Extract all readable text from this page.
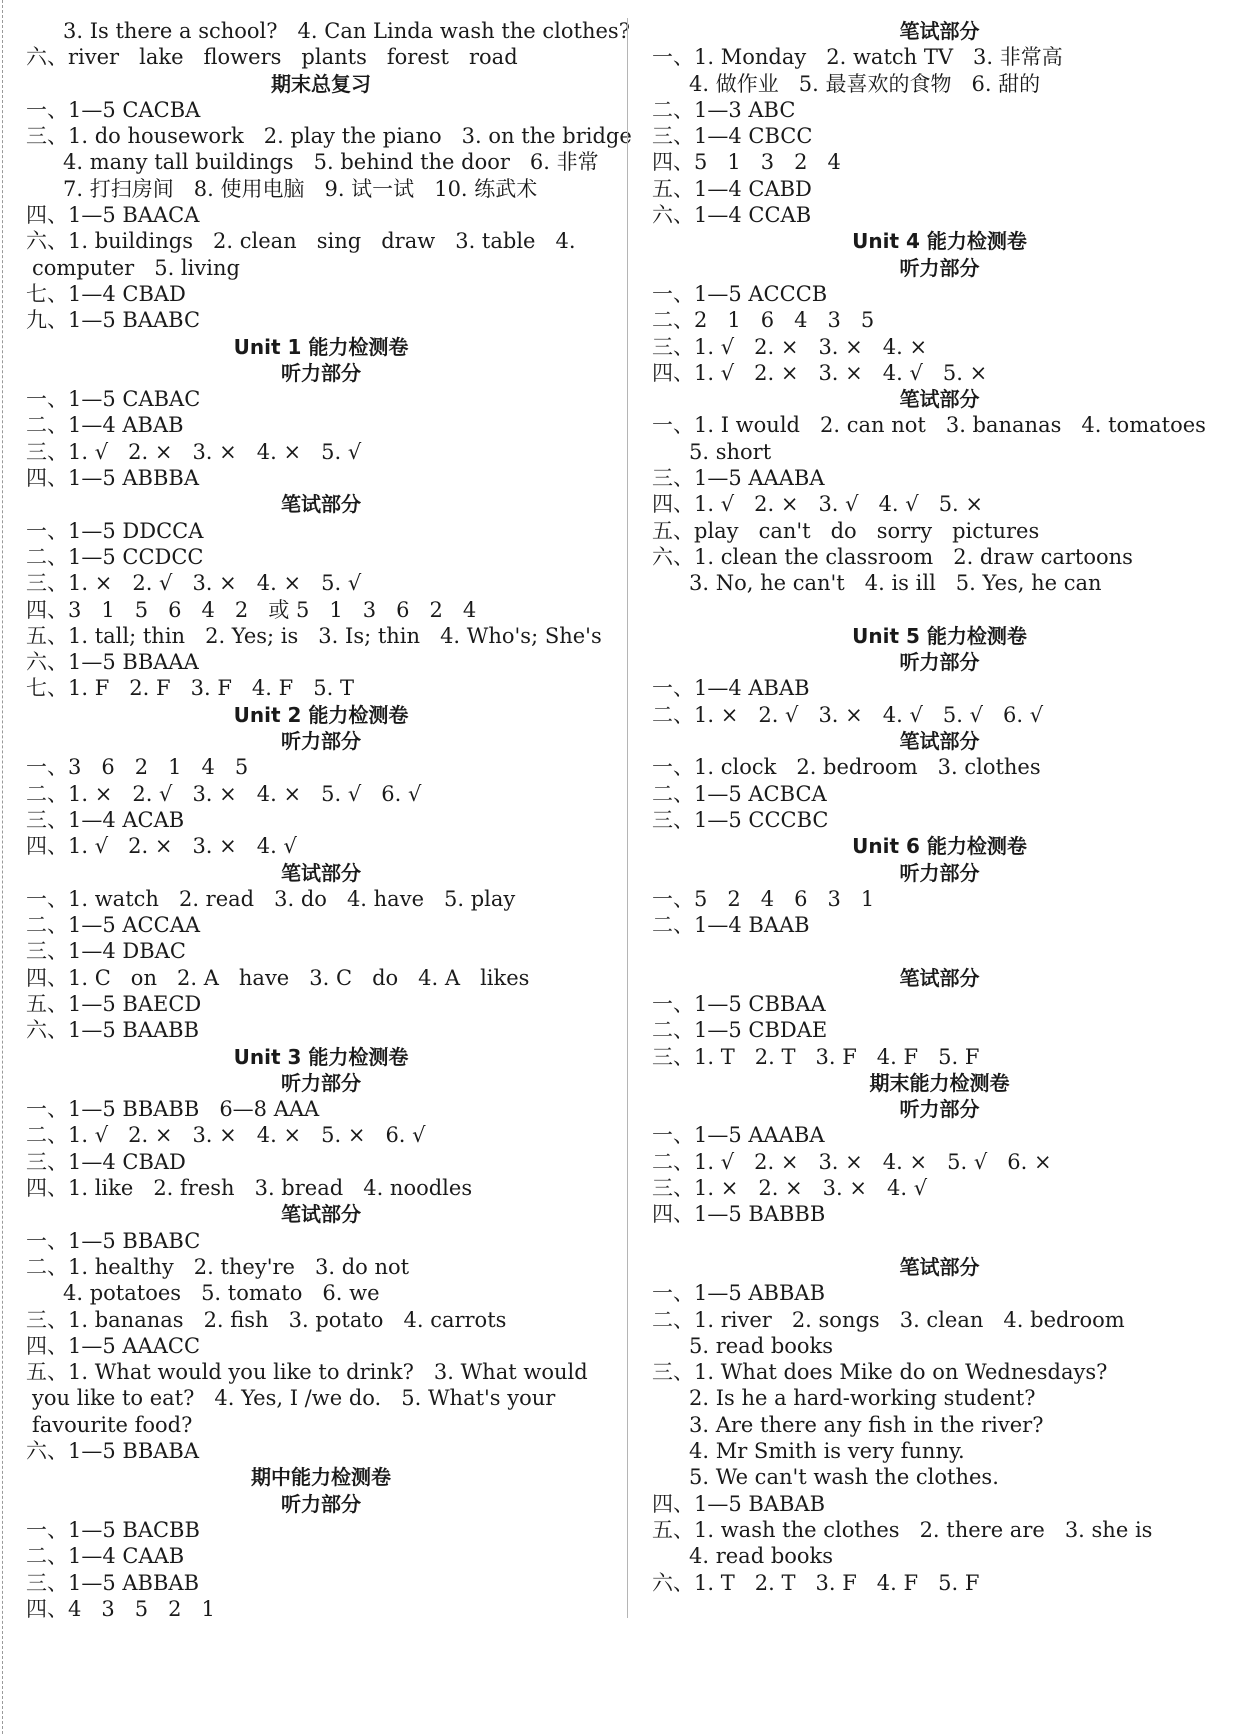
3. Is there a school?   4. Can Linda wash the clothes?
六、river   lake   flowers   plants   forest   road
期末总复习
一、1—5 CACBA
三、1. do housework   2. play the piano   3. on the bridge
4. many tall buildings   5. behind the door   6. 非常
7. 打扫房间   8. 使用电脑   9. 试一试   10. 练武术
四、1—5 BAACA
六、1. buildings   2. clean   sing   draw   3. table   4.
computer   5. living
七、1—4 CBAD
九、1—5 BAABC
Unit 1 能力检测卷
听力部分
一、1—5 CABAC
二、1—4 ABAB
三、1. √   2. ×   3. ×   4. ×   5. √
四、1—5 ABBBA
笔试部分
一、1—5 DDCCA
二、1—5 CCDCC
三、1. ×   2. √   3. ×   4. ×   5. √
四、3   1   5   6   4   2   或 5   1   3   6   2   4
五、1. tall; thin   2. Yes; is   3. Is; thin   4. Who's; She's
六、1—5 BBAAA
七、1. F   2. F   3. F   4. F   5. T
Unit 2 能力检测卷
听力部分
一、3   6   2   1   4   5
二、1. ×   2. √   3. ×   4. ×   5. √   6. √
三、1—4 ACAB
四、1. √   2. ×   3. ×   4. √
笔试部分
一、1. watch   2. read   3. do   4. have   5. play
二、1—5 ACCAA
三、1—4 DBAC
四、1. C   on   2. A   have   3. C   do   4. A   likes
五、1—5 BAECD
六、1—5 BAABB
Unit 3 能力检测卷
听力部分
一、1—5 BBABB   6—8 AAA
二、1. √   2. ×   3. ×   4. ×   5. ×   6. √
三、1—4 CBAD
四、1. like   2. fresh   3. bread   4. noodles
笔试部分
一、1—5 BBABC
二、1. healthy   2. they're   3. do not
4. potatoes   5. tomato   6. we
三、1. bananas   2. fish   3. potato   4. carrots
四、1—5 AAACC
五、1. What would you like to drink?   3. What would
you like to eat?   4. Yes, I /we do.   5. What's your
favourite food?
六、1—5 BBABA
期中能力检测卷
听力部分
一、1—5 BACBB
二、1—4 CAAB
三、1—5 ABBAB
四、4   3   5   2   1
笔试部分
一、1. Monday   2. watch TV   3. 非常高
4. 做作业   5. 最喜欢的食物   6. 甜的
二、1—3 ABC
三、1—4 CBCC
四、5   1   3   2   4
五、1—4 CABD
六、1—4 CCAB
Unit 4 能力检测卷
听力部分
一、1—5 ACCCB
二、2   1   6   4   3   5
三、1. √   2. ×   3. ×   4. ×
四、1. √   2. ×   3. ×   4. √   5. ×
笔试部分
一、1. I would   2. can not   3. bananas   4. tomatoes
5. short
三、1—5 AAABA
四、1. √   2. ×   3. √   4. √   5. ×
五、play   can't   do   sorry   pictures
六、1. clean the classroom   2. draw cartoons
3. No, he can't   4. is ill   5. Yes, he can
Unit 5 能力检测卷
听力部分
一、1—4 ABAB
二、1. ×   2. √   3. ×   4. √   5. √   6. √
笔试部分
一、1. clock   2. bedroom   3. clothes
二、1—5 ACBCA
三、1—5 CCCBC
Unit 6 能力检测卷
听力部分
一、5   2   4   6   3   1
二、1—4 BAAB
笔试部分
一、1—5 CBBAA
二、1—5 CBDAE
三、1. T   2. T   3. F   4. F   5. F
期末能力检测卷
听力部分
一、1—5 AAABA
二、1. √   2. ×   3. ×   4. ×   5. √   6. ×
三、1. ×   2. ×   3. ×   4. √
四、1—5 BABBB
笔试部分
一、1—5 ABBAB
二、1. river   2. songs   3. clean   4. bedroom
5. read books
三、1. What does Mike do on Wednesdays?
2. Is he a hard-working student?
3. Are there any fish in the river?
4. Mr Smith is very funny.
5. We can't wash the clothes.
四、1—5 BABAB
五、1. wash the clothes   2. there are   3. she is
4. read books
六、1. T   2. T   3. F   4. F   5. F
